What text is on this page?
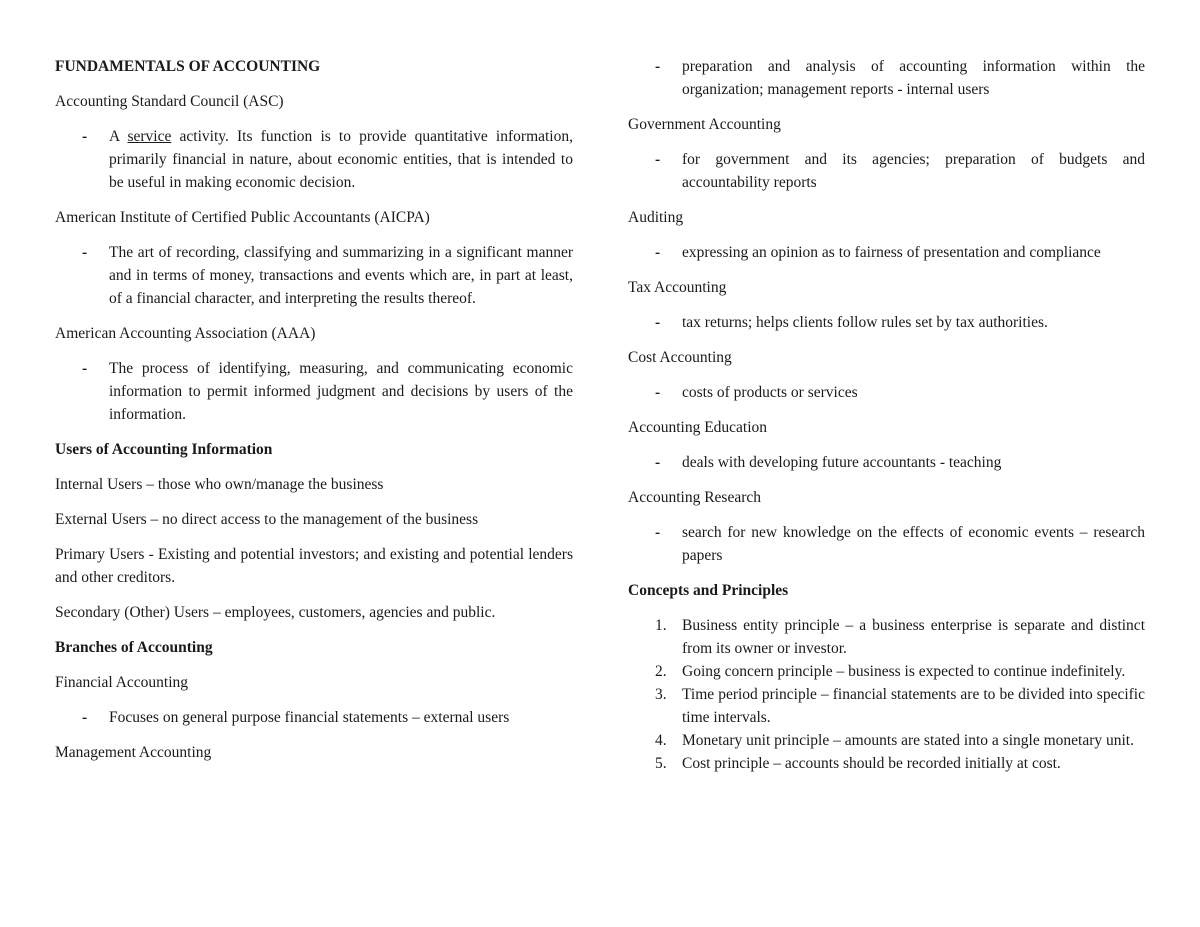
FUNDAMENTALS OF ACCOUNTING

Accounting Standard Council (ASC)

- A service activity. Its function is to provide quantitative information, primarily financial in nature, about economic entities, that is intended to be useful in making economic decision.

American Institute of Certified Public Accountants (AICPA)

- The art of recording, classifying and summarizing in a significant manner and in terms of money, transactions and events which are, in part at least, of a financial character, and interpreting the results thereof.

American Accounting Association (AAA)

- The process of identifying, measuring, and communicating economic information to permit informed judgment and decisions by users of the information.

Users of Accounting Information

Internal Users – those who own/manage the business

External Users – no direct access to the management of the business

Primary Users - Existing and potential investors; and existing and potential lenders and other creditors.

Secondary (Other) Users – employees, customers, agencies and public.

Branches of Accounting

Financial Accounting

- Focuses on general purpose financial statements – external users

Management Accounting

- preparation and analysis of accounting information within the organization; management reports - internal users

Government Accounting

- for government and its agencies; preparation of budgets and accountability reports

Auditing

- expressing an opinion as to fairness of presentation and compliance

Tax Accounting

- tax returns; helps clients follow rules set by tax authorities.

Cost Accounting

- costs of products or services

Accounting Education

- deals with developing future accountants - teaching

Accounting Research

- search for new knowledge on the effects of economic events – research papers

Concepts and Principles

1. Business entity principle – a business enterprise is separate and distinct from its owner or investor.
2. Going concern principle – business is expected to continue indefinitely.
3. Time period principle – financial statements are to be divided into specific time intervals.
4. Monetary unit principle – amounts are stated into a single monetary unit.
5. Cost principle – accounts should be recorded initially at cost.
